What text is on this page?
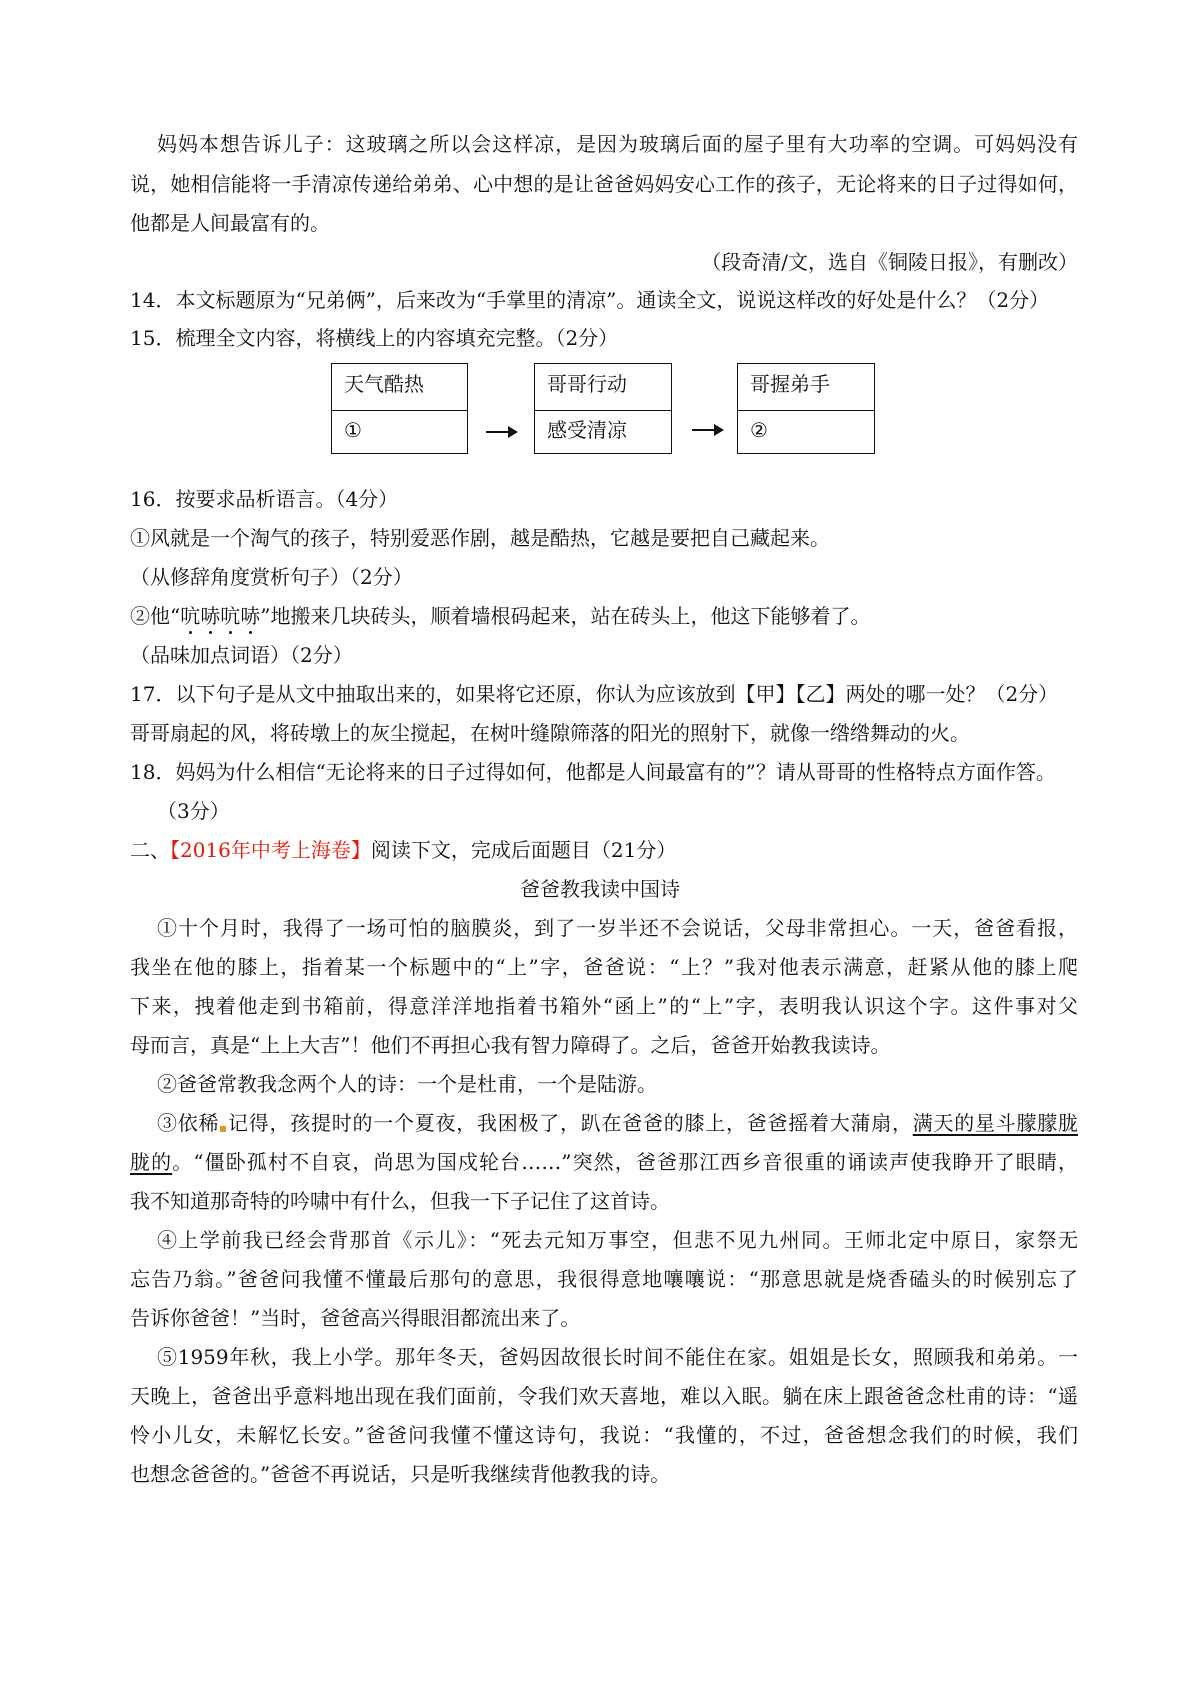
妈妈本想告诉儿子：这玻璃之所以会这样凉，是因为玻璃后面的屋子里有大功率的空调。可妈妈没有
说，她相信能将一手清凉传递给弟弟、心中想的是让爸爸妈妈安心工作的孩子，无论将来的日子过得如何，
他都是人间最富有的。
（段奇清/文，选自《铜陵日报》，有删改）
14．本文标题原为“兄弟俩”，后来改为“手掌里的清凉”。通读全文，说说这样改的好处是什么？（2分）
15．梳理全文内容，将横线上的内容填充完整。（2分）
天气酷热
①
哥哥行动
感受清凉
哥握弟手
②
16．按要求品析语言。（4分）
①风就是一个淘气的孩子，特别爱恶作剧，越是酷热，它越是要把自己藏起来。
（从修辞角度赏析句子）（2分）
②他“吭哧吭哧
”地搬来几块砖头，顺着墙根码起来，站在砖头上，他这下能够着了。
（品味加点词语）（2分）
17．以下句子是从文中抽取出来的，如果将它还原，你认为应该放到【甲】【乙】两处的哪一处？（2分）
哥哥扇起的风，将砖墩上的灰尘搅起，在树叶缝隙筛落的阳光的照射下，就像一绺绺舞动的火。
18．妈妈为什么相信“无论将来的日子过得如何，他都是人间最富有的”？请从哥哥的性格特点方面作答。
（3分）
二、【2016年中考上海卷】阅读下文，完成后面题目（21分）
爸爸教我读中国诗
①十个月时，我得了一场可怕的脑膜炎，到了一岁半还不会说话，父母非常担心。一天，爸爸看报，
我坐在他的膝上，指着某一个标题中的“上”字，爸爸说：“上？”我对他表示满意，赶紧从他的膝上爬
下来，拽着他走到书箱前，得意洋洋地指着书箱外“函上”的“上”字，表明我认识这个字。这件事对父
母而言，真是“上上大吉”！他们不再担心我有智力障碍了。之后，爸爸开始教我读诗。
②爸爸常教我念两个人的诗：一个是杜甫，一个是陆游。
③依稀 记得，孩提时的一个夏夜，我困极了，趴在爸爸的膝上，爸爸摇着大蒲扇，满天的星斗朦朦胧
胧的。“僵卧孤村不自哀，尚思为国戍轮台……”突然，爸爸那江西乡音很重的诵读声使我睁开了眼睛，
我不知道那奇特的吟啸中有什么，但我一下子记住了这首诗。
④上学前我已经会背那首《示儿》：“死去元知万事空，但悲不见九州同。王师北定中原日，家祭无
忘告乃翁。”爸爸问我懂不懂最后那句的意思，我很得意地嚷嚷说：“那意思就是烧香磕头的时候别忘了
告诉你爸爸！”当时，爸爸高兴得眼泪都流出来了。
⑤1959年秋，我上小学。那年冬天，爸妈因故很长时间不能住在家。姐姐是长女，照顾我和弟弟。一
天晚上，爸爸出乎意料地出现在我们面前，令我们欢天喜地，难以入眠。躺在床上跟爸爸念杜甫的诗：“遥
怜小儿女，未解忆长安。”爸爸问我懂不懂这诗句，我说：“我懂的，不过，爸爸想念我们的时候，我们
也想念爸爸的。”爸爸不再说话，只是听我继续背他教我的诗。
